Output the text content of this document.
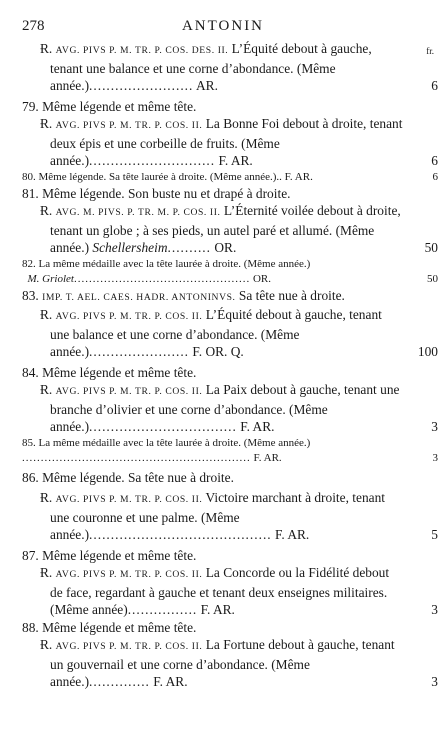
278	ANTONIN
fr.

Ɍ. AVG. PIVS P. M. TR. P. COS. DES. II. L’Équité debout à gauche, tenant une balance et une corne d’abondance. (Même année.)........................ AR.	6

79. Même légende et même tête.

Ɍ. AVG. PIVS P. M. TR. P. COS. II. La Bonne Foi debout à droite, tenant deux épis et une corbeille de fruits. (Même année.)............................. F. AR.	6

80. Même légende. Sa tête laurée à droite. (Même année.).. F. AR.	6

81. Même légende. Son buste nu et drapé à droite.

Ɍ. AVG. M. PIVS. P. TR. M. P. COS. II. L’Éternité voilée debout à droite, tenant un globe ; à ses pieds, un autel paré et allumé. (Même année.) Schellersheim.......... OR.	50

82. La même médaille avec la tête laurée à droite. (Même année.)
M. Griolet............................................... OR.	50

83. IMP. T. AEL. CAES. HADR. ANTONINVS. Sa tête nue à droite.

Ɍ. AVG. PIVS P. M. TR. P. COS. II. L’Équité debout à gauche, tenant une balance et une corne d’abondance. (Même année.)....................... F. OR. Q.	100

84. Même légende et même tête.

Ɍ. AVG. PIVS P. M. TR. P. COS. II. La Paix debout à gauche, tenant une branche d’olivier et une corne d’abondance. (Même année.).................................. F. AR.	3

85. La même médaille avec la tête laurée à droite. (Même année.)
............................................................. F. AR.	3

86. Même légende. Sa tête nue à droite.

Ɍ. AVG. PIVS P. M. TR. P. COS. II. Victoire marchant à droite, tenant une couronne et une palme. (Même année.).......................................... F. AR.	5

87. Même légende et même tête.

Ɍ. AVG. PIVS P. M. TR. P. COS. II. La Concorde ou la Fidélité debout de face, regardant à gauche et tenant deux enseignes militaires. (Même année)................ F. AR.	3

88. Même légende et même tête.

Ɍ. AVG. PIVS P. M. TR. P. COS. II. La Fortune debout à gauche, tenant un gouvernail et une corne d’abondance. (Même année.).............. F. AR.	3
